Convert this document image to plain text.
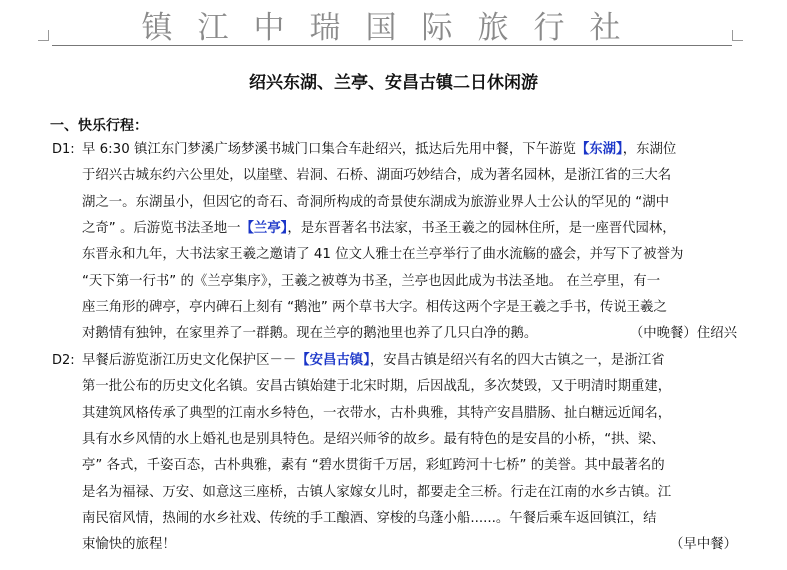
镇江中瑞国际旅行社
绍兴东湖、兰亭、安昌古镇二日休闲游
一、快乐行程：
D1: 早 6:30 镇江东门梦溪广场梦溪书城门口集合车赴绍兴，抵达后先用中餐，下午游览【东湖】，东湖位
于绍兴古城东约六公里处，以崖壁、岩洞、石桥、湖面巧妙结合，成为著名园林，是浙江省的三大名
湖之一。东湖虽小，但因它的奇石、奇洞所构成的奇景使东湖成为旅游业界人士公认的罕见的 “湖中
之奇” 。后游览书法圣地一【兰亭】，是东晋著名书法家，书圣王羲之的园林住所，是一座晋代园林，
东晋永和九年，大书法家王羲之邀请了 41 位文人雅士在兰亭举行了曲水流觞的盛会，并写下了被誉为
“天下第一行书” 的《兰亭集序》，王羲之被尊为书圣，兰亭也因此成为书法圣地。 在兰亭里，有一
座三角形的碑亭，亭内碑石上刻有 “鹅池” 两个草书大字。相传这两个字是王羲之手书，传说王羲之
对鹅情有独钟，在家里养了一群鹅。现在兰亭的鹅池里也养了几只白净的鹅。	（中晚餐）住绍兴
D2: 早餐后游览浙江历史文化保护区－－【安昌古镇】，安昌古镇是绍兴有名的四大古镇之一，是浙江省
第一批公布的历史文化名镇。安昌古镇始建于北宋时期，后因战乱，多次焚毁，又于明清时期重建，
其建筑风格传承了典型的江南水乡特色，一衣带水，古朴典雅，其特产安昌腊肠、扯白糖远近闻名，
具有水乡风情的水上婚礼也是别具特色。是绍兴师爷的故乡。最有特色的是安昌的小桥，“拱、梁、
亭” 各式，千姿百态，古朴典雅，素有 “碧水贯街千万居，彩虹跨河十七桥” 的美誉。其中最著名的
是名为福禄、万安、如意这三座桥，古镇人家嫁女儿时，都要走全三桥。行走在江南的水乡古镇。江
南民宿风情，热闹的水乡社戏、传统的手工酿酒、穿梭的乌蓬小船......。午餐后乘车返回镇江，结
束愉快的旅程！	（早中餐）
